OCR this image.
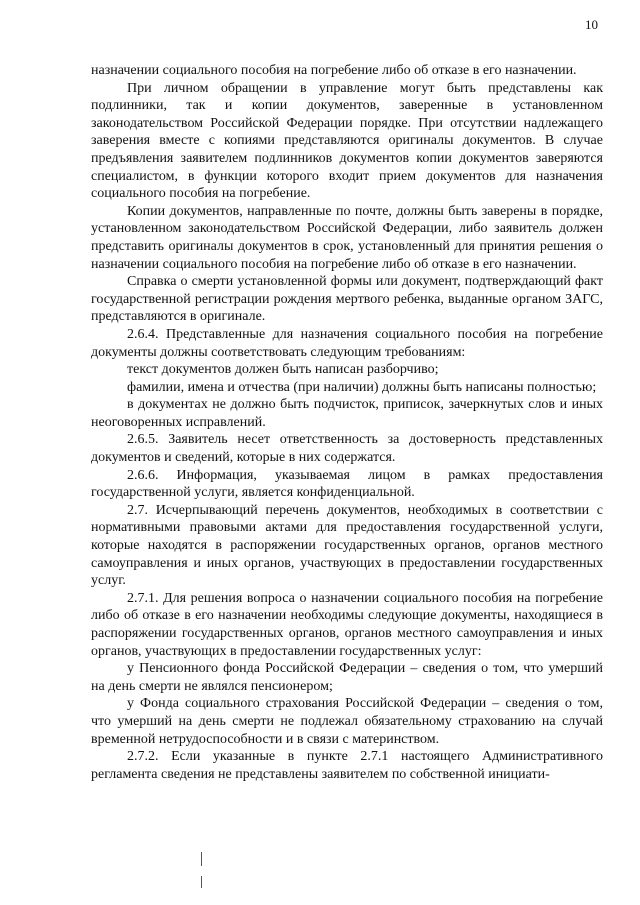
10

назначении социального пособия на погребение либо об отказе в его назначении.

При личном обращении в управление могут быть представлены как подлинники, так и копии документов, заверенные в установленном законодательством Российской Федерации порядке. При отсутствии надлежащего заверения вместе с копиями представляются оригиналы документов. В случае предъявления заявителем подлинников документов копии документов заверяются специалистом, в функции которого входит прием документов для назначения социального пособия на погребение.

Копии документов, направленные по почте, должны быть заверены в порядке, установленном законодательством Российской Федерации, либо заявитель должен представить оригиналы документов в срок, установленный для принятия решения о назначении социального пособия на погребение либо об отказе в его назначении.

Справка о смерти установленной формы или документ, подтверждающий факт государственной регистрации рождения мертвого ребенка, выданные органом ЗАГС, представляются в оригинале.

2.6.4. Представленные для назначения социального пособия на погребение документы должны соответствовать следующим требованиям:

текст документов должен быть написан разборчиво;

фамилии, имена и отчества (при наличии) должны быть написаны полностью;

в документах не должно быть подчисток, приписок, зачеркнутых слов и иных неоговоренных исправлений.

2.6.5. Заявитель несет ответственность за достоверность представленных документов и сведений, которые в них содержатся.

2.6.6. Информация, указываемая лицом в рамках предоставления государственной услуги, является конфиденциальной.

2.7. Исчерпывающий перечень документов, необходимых в соответствии с нормативными правовыми актами для предоставления государственной услуги, которые находятся в распоряжении государственных органов, органов местного самоуправления и иных органов, участвующих в предоставлении государственных услуг.

2.7.1. Для решения вопроса о назначении социального пособия на погребение либо об отказе в его назначении необходимы следующие документы, находящиеся в распоряжении государственных органов, органов местного самоуправления и иных органов, участвующих в предоставлении государственных услуг:

у Пенсионного фонда Российской Федерации – сведения о том, что умерший на день смерти не являлся пенсионером;

у Фонда социального страхования Российской Федерации – сведения о том, что умерший на день смерти не подлежал обязательному страхованию на случай временной нетрудоспособности и в связи с материнством.

2.7.2. Если указанные в пункте 2.7.1 настоящего Административного регламента сведения не представлены заявителем по собственной инициати-
